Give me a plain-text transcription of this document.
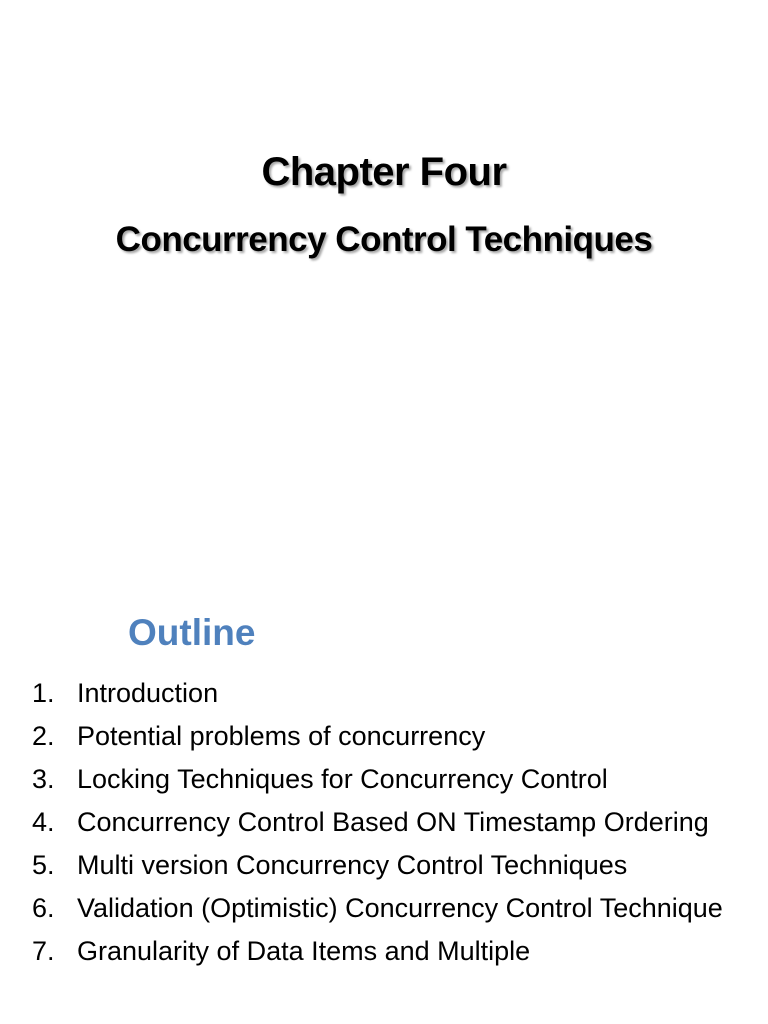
Chapter Four
Concurrency Control Techniques
Outline
1. Introduction
2. Potential problems of concurrency
3. Locking Techniques for Concurrency Control
4. Concurrency Control Based ON Timestamp Ordering
5. Multi version Concurrency Control Techniques
6. Validation (Optimistic) Concurrency Control Technique
7. Granularity of Data Items and Multiple
